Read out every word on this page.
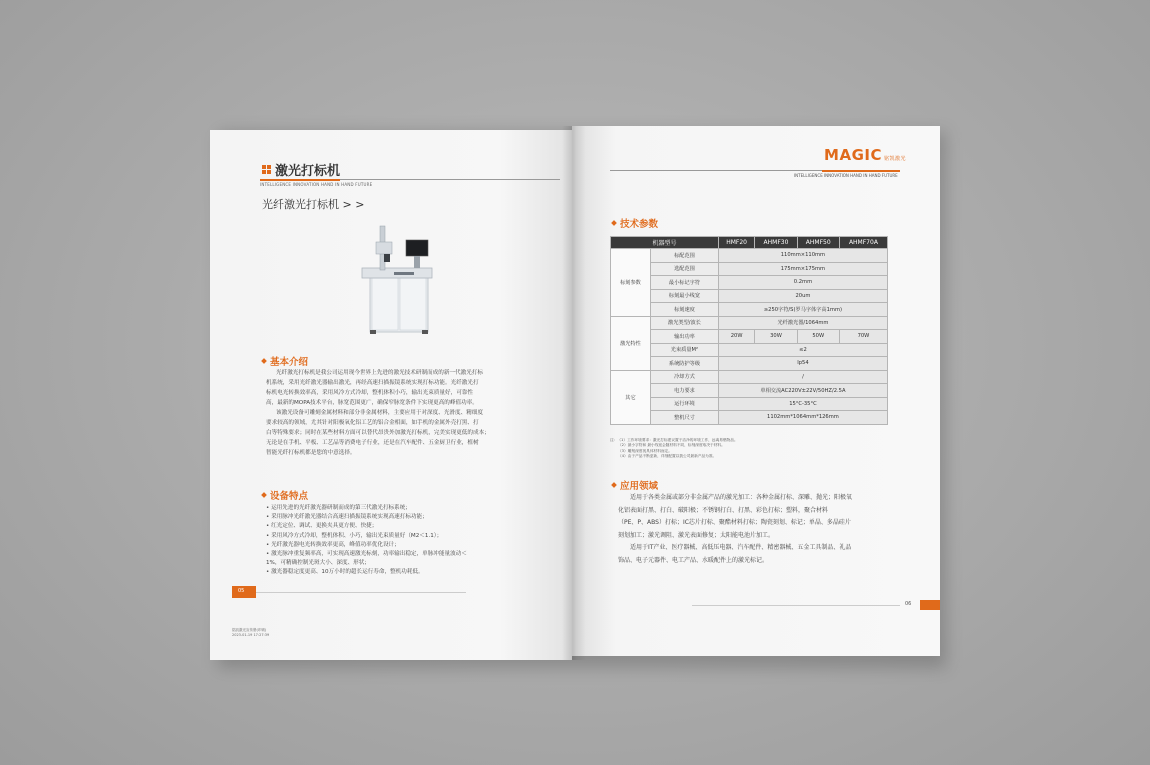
激光打标机
INTELLIGENCE INNOVATION HAND IN HAND FUTURE
光纤激光打标机 > >
基本介绍
光纤激光打标机是我公司运用现今世界上先进的激光技术研制而成的新一代激光打标
机系统，采用光纤激光器输出激光，再经高速扫描振镜系统实现打标功能。光纤激光打
标机电光转换效率高，采用风冷方式冷却，整机体积小巧，输出光束质量好，可靠性
高，最新的MOPA技术平台，脉宽范围更广，确保窄脉宽条件下实现更高的峰值功率。
该激光设备可雕刻金属材料和部分非金属材料，主要应用于对深度、光滑度、精细度
要求较高的领域，尤其针对阳极氧化铝工艺的铝合金相面，如手机的金属外壳打黑、打
白等特殊要求；同时在某些材料方面可以替代昂贵外加激光打标机，完美实现更低的成本；
无论是在手机、平板、工艺品等消费电子行业，还是在汽车配件、五金厨卫行业，植树
智能光纤打标机都是您的中意选择。
设备特点
• 运用先进的光纤激光器研制而成的第三代激光打标系统；
• 采用脉冲光纤激光器结合高速扫描振镜系统实现高速打标功能；
• 红光定位、调试、更换夹具更方便、快捷；
• 采用风冷方式冷却，整机体积、小巧，输出光束质量好（M2＜1.1）；
• 光纤激光器电光转换效率更高，峰值功率优化设计；
• 激光脉冲重复频率高，可实现高速激光标刻，功率输出稳定，单脉冲能量波动＜
1%，可精确控制光斑大小、深度、形状；
• 激光器稳定度更高、10万小时的超长运行寿命，整机功耗低。
05
铭凯激光宣传册(印刷)
2023-01-19 17:27:39
MAGIC 铭凯激光
INTELLIGENCE INNOVATION HAND IN HAND FUTURE
技术参数
机器型号		HMF20	AHMF30	AHMF50	AHMF70A
标刻参数	标配范围	110mm×110mm			
	选配范围	175mm×175mm			
	最小标记字符	0.2mm			
	标刻最小线宽	20um			
	标刻速度	≥250字符/S(罗马字体字高1mm)			
激光特性	激光类型/波长	光纤激光器/1064mm			
	输出功率	20W	30W	50W	70W
	光束质量M²	≤2			
	系统防护等级	Ip54			
其它	冷却方式	/			
	电力要求	单相交流AC220V±22V/50HZ/2.5A			
	运行环境	15°C-35°C			
	整机尺寸	1102mm*1064mm*126mm			
注：（1）工作环境要求：激光打标建议置于洁净的环境工作，远离易燃物品。
（2）最小字符和 最小线宽会随材料不同，标刻深度取决于材料。
（3）雕刻深度视具体材料而定。
（4）由于产品不断更新，详细配置以我公司最新产品为准。
应用领域
适用于各类金属或部分非金属产品的激光加工：各种金属打标、深雕、抛光；阳极氧
化铝表面打黑、打白、破阳极；不锈钢打白、打黑、彩色打标；塑料，聚合材料
（PE、P、ABS）打标；IC芯片打标、聚酯材料打标；陶瓷刻划、标记；单晶、多晶硅片
刻划加工；激光调阻、激光表面修复；太阳能电池片加工。
适用于IT产业、医疗器械、高低压电器、汽车配件、精密器械、五金工具制品、礼品
饰品、电子元器件、电工产品、水暖配件上的激光标记。
06
